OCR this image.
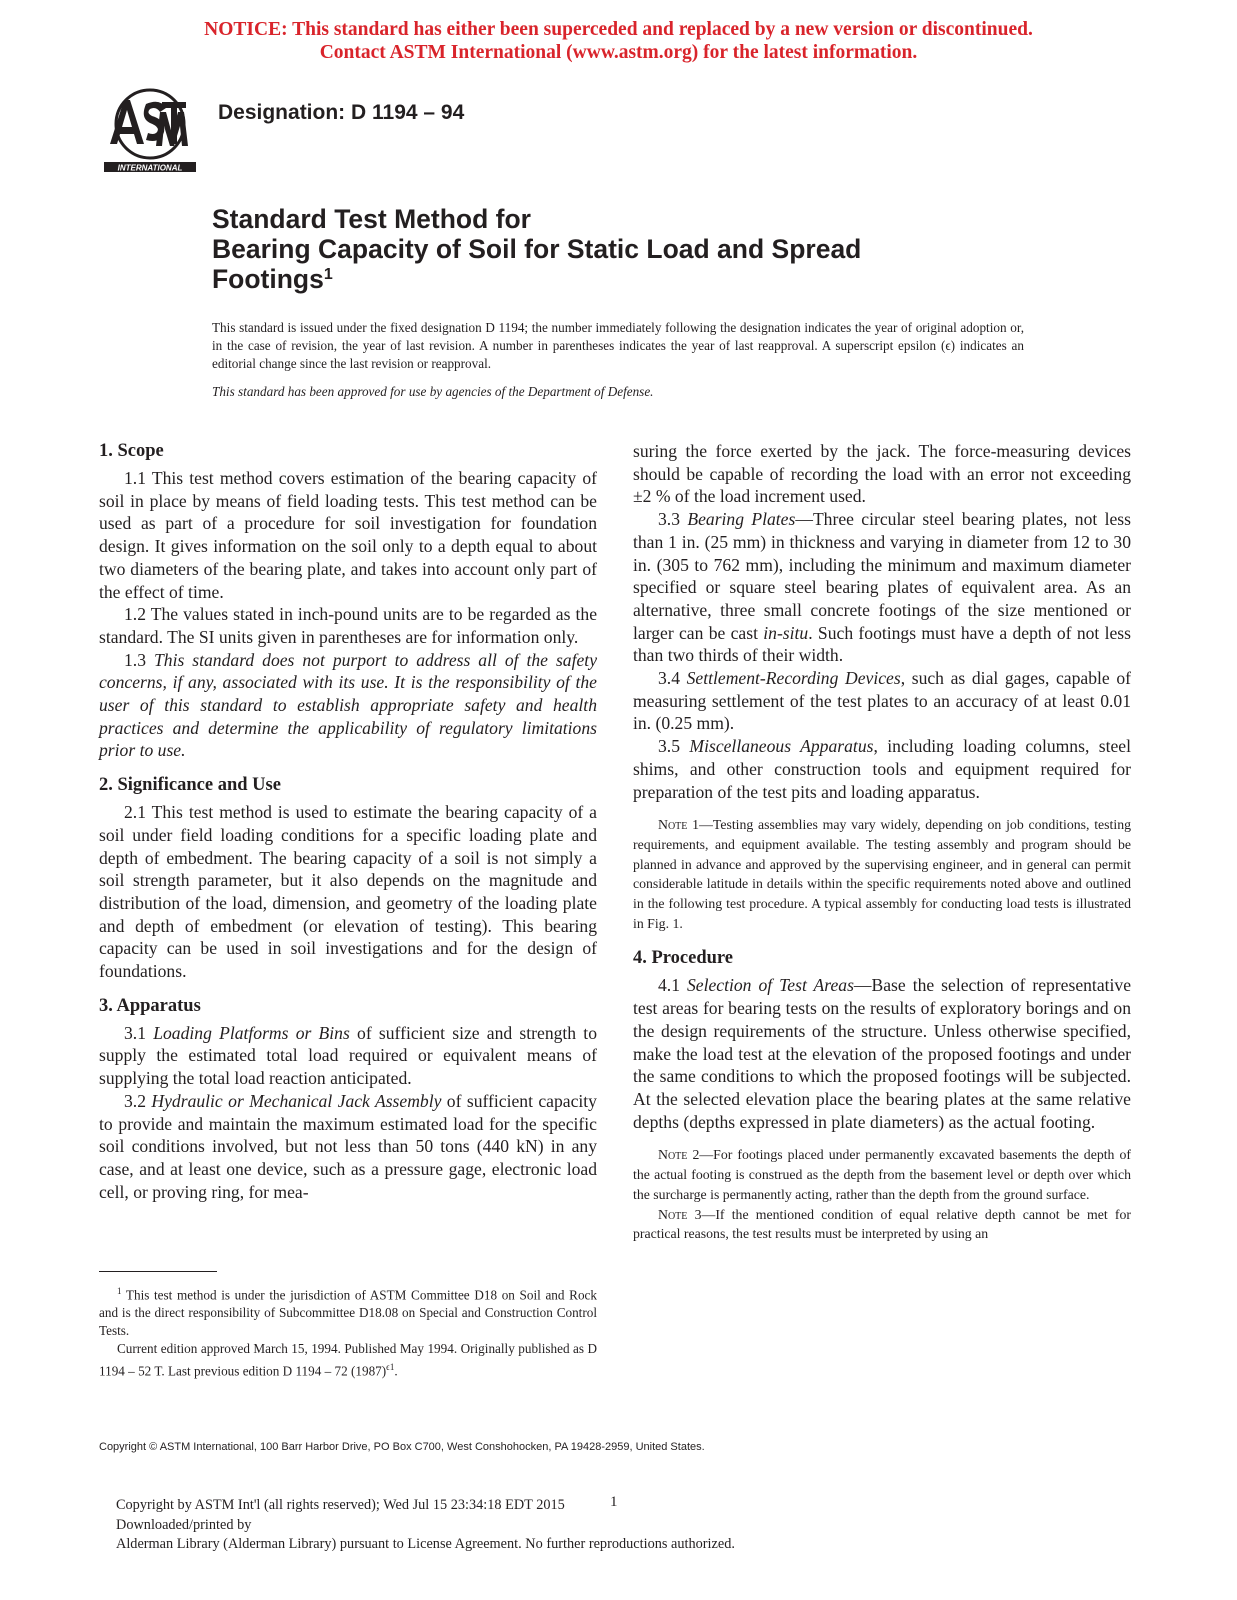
NOTICE: This standard has either been superceded and replaced by a new version or discontinued.
Contact ASTM International (www.astm.org) for the latest information.
INTERNATIONAL
Designation: D 1194 – 94
Standard Test Method for
Bearing Capacity of Soil for Static Load and Spread
Footings$^1$
This standard is issued under the fixed designation D 1194; the number immediately following the designation indicates the year of original adoption or, in the case of revision, the year of last revision. A number in parentheses indicates the year of last reapproval. A superscript epsilon (ϵ) indicates an editorial change since the last revision or reapproval.
This standard has been approved for use by agencies of the Department of Defense.
1. Scope

1.1 This test method covers estimation of the bearing capacity of soil in place by means of field loading tests. This test method can be used as part of a procedure for soil investigation for foundation design. It gives information on the soil only to a depth equal to about two diameters of the bearing plate, and takes into account only part of the effect of time.

1.2 The values stated in inch-pound units are to be regarded as the standard. The SI units given in parentheses are for information only.

1.3 This standard does not purport to address all of the safety concerns, if any, associated with its use. It is the responsibility of the user of this standard to establish appropriate safety and health practices and determine the applicability of regulatory limitations prior to use.

2. Significance and Use

2.1 This test method is used to estimate the bearing capacity of a soil under field loading conditions for a specific loading plate and depth of embedment. The bearing capacity of a soil is not simply a soil strength parameter, but it also depends on the magnitude and distribution of the load, dimension, and geometry of the loading plate and depth of embedment (or elevation of testing). This bearing capacity can be used in soil investigations and for the design of foundations.

3. Apparatus

3.1 Loading Platforms or Bins of sufficient size and strength to supply the estimated total load required or equivalent means of supplying the total load reaction anticipated.

3.2 Hydraulic or Mechanical Jack Assembly of sufficient capacity to provide and maintain the maximum estimated load for the specific soil conditions involved, but not less than 50 tons (440 kN) in any case, and at least one device, such as a pressure gage, electronic load cell, or proving ring, for mea-

$^1$ This test method is under the jurisdiction of ASTM Committee D18 on Soil and Rock and is the direct responsibility of Subcommittee D18.08 on Special and Construction Control Tests.

Current edition approved March 15, 1994. Published May 1994. Originally published as D 1194 – 52 T. Last previous edition D 1194 – 72 $(1987)^{\epsilon 1}$.

suring the force exerted by the jack. The force-measuring devices should be capable of recording the load with an error not exceeding ±2 % of the load increment used.

3.3 Bearing Plates—Three circular steel bearing plates, not less than 1 in. (25 mm) in thickness and varying in diameter from 12 to 30 in. (305 to 762 mm), including the minimum and maximum diameter specified or square steel bearing plates of equivalent area. As an alternative, three small concrete footings of the size mentioned or larger can be cast in-situ. Such footings must have a depth of not less than two thirds of their width.

3.4 Settlement-Recording Devices, such as dial gages, capable of measuring settlement of the test plates to an accuracy of at least 0.01 in. (0.25 mm).

3.5 Miscellaneous Apparatus, including loading columns, steel shims, and other construction tools and equipment required for preparation of the test pits and loading apparatus.

Note 1—Testing assemblies may vary widely, depending on job conditions, testing requirements, and equipment available. The testing assembly and program should be planned in advance and approved by the supervising engineer, and in general can permit considerable latitude in details within the specific requirements noted above and outlined in the following test procedure. A typical assembly for conducting load tests is illustrated in Fig. 1.

4. Procedure

4.1 Selection of Test Areas—Base the selection of representative test areas for bearing tests on the results of exploratory borings and on the design requirements of the structure. Unless otherwise specified, make the load test at the elevation of the proposed footings and under the same conditions to which the proposed footings will be subjected. At the selected elevation place the bearing plates at the same relative depths (depths expressed in plate diameters) as the actual footing.

Note 2—For footings placed under permanently excavated basements the depth of the actual footing is construed as the depth from the basement level or depth over which the surcharge is permanently acting, rather than the depth from the ground surface.

Note 3—If the mentioned condition of equal relative depth cannot be met for practical reasons, the test results must be interpreted by using an

Copyright © ASTM International, 100 Barr Harbor Drive, PO Box C700, West Conshohocken, PA 19428-2959, United States.
Copyright by ASTM Int'l (all rights reserved); Wed Jul 15 23:34:18 EDT 2015
Downloaded/printed by
Alderman Library (Alderman Library) pursuant to License Agreement. No further reproductions authorized.
1
